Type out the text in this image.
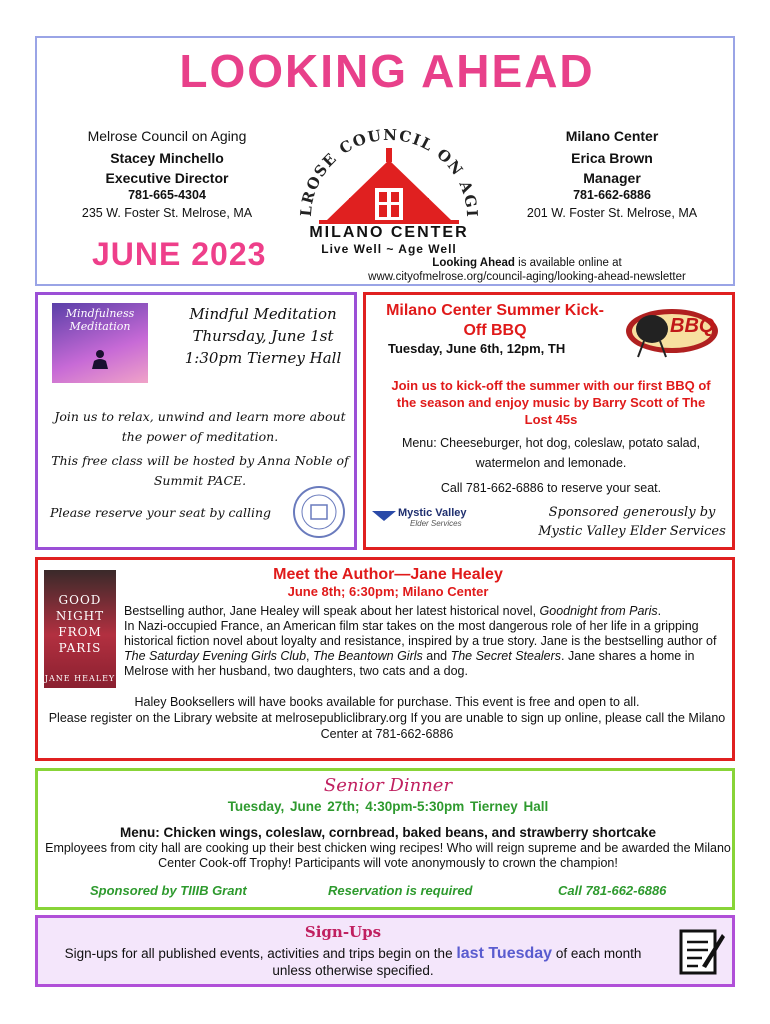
LOOKING AHEAD
Melrose Council on Aging
Stacey Minchello
Executive Director
781-665-4304
235 W. Foster St. Melrose, MA
Milano Center
Erica Brown
Manager
781-662-6886
201 W. Foster St. Melrose, MA
LROSE COUNCIL ON AGI
MILANO CENTER
Live Well ~ Age Well
JUNE 2023	Looking Ahead is available online at
www.cityofmelrose.org/council-aging/looking-ahead-newsletter
Mindfulness Meditation
Mindful Meditation
Thursday, June 1st
1:30pm Tierney Hall
Join us to relax, unwind and learn more about the power of meditation.
This free class will be hosted by Anna Noble of Summit PACE.
Please reserve your seat by calling
Milano Center Summer Kick-Off BBQ
Tuesday, June 6th, 12pm, TH
BBQ
Join us to kick-off the summer with our first BBQ of the season and enjoy music by Barry Scott of The Lost 45s
Menu: Cheeseburger, hot dog, coleslaw, potato salad, watermelon and lemonade.
Call 781-662-6886 to reserve your seat.
Mystic Valley
Elder Services
Sponsored generously by Mystic Valley Elder Services
Meet the Author—Jane Healey
June 8th; 6:30pm; Milano Center
GOOD NIGHT FROM PARIS
JANE HEALEY
Bestselling author, Jane Healey will speak about her latest historical novel, Goodnight from Paris.
In Nazi-occupied France, an American film star takes on the most dangerous role of her life in a gripping historical fiction novel about loyalty and resistance, inspired by a true story. Jane is the bestselling author of The Saturday Evening Girls Club, The Beantown Girls and The Secret Stealers. Jane shares a home in Melrose with her husband, two daughters, two cats and a dog.
Haley Booksellers will have books available for purchase. This event is free and open to all.
Please register on the Library website at melrosepubliclibrary.org If you are unable to sign up online, please call the Milano Center at 781-662-6886
Senior Dinner
Tuesday, June 27th; 4:30pm-5:30pm Tierney Hall
Menu: Chicken wings, coleslaw, cornbread, baked beans, and strawberry shortcake
Employees from city hall are cooking up their best chicken wing recipes! Who will reign supreme and be awarded the Milano Center Cook-off Trophy! Participants will vote anonymously to crown the champion!
Sponsored by TIIIB Grant	Reservation is required	Call 781-662-6886
Sign-Ups
Sign-ups for all published events, activities and trips begin on the last Tuesday of each month unless otherwise specified.
